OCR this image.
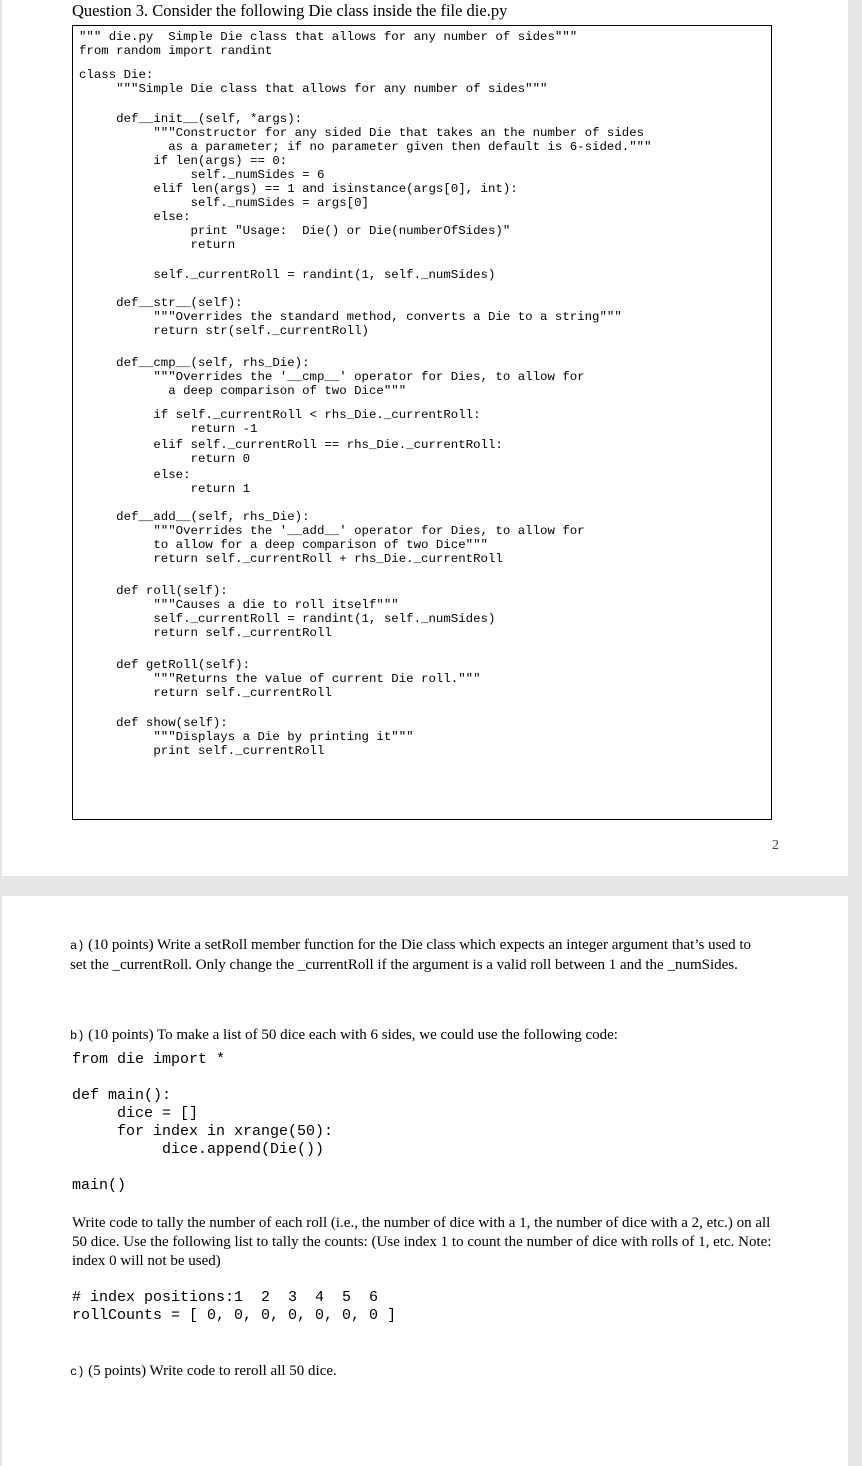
Question 3. Consider the following Die class inside the file die.py
""" die.py  Simple Die class that allows for any number of sides"""
from random import randint
class Die:
"""Simple Die class that allows for any number of sides"""
def__init__(self, *args):
"""Constructor for any sided Die that takes an the number of sides
as a parameter; if no parameter given then default is 6-sided."""
if len(args) == 0:
self._numSides = 6
elif len(args) == 1 and isinstance(args[0], int):
self._numSides = args[0]
else:
print "Usage:  Die() or Die(numberOfSides)"
return
self._currentRoll = randint(1, self._numSides)
def__str__(self):
"""Overrides the standard method, converts a Die to a string"""
return str(self._currentRoll)
def__cmp__(self, rhs_Die):
"""Overrides the '__cmp__' operator for Dies, to allow for
a deep comparison of two Dice"""
if self._currentRoll < rhs_Die._currentRoll:
return -1
elif self._currentRoll == rhs_Die._currentRoll:
return 0
else:
return 1
def__add__(self, rhs_Die):
"""Overrides the '__add__' operator for Dies, to allow for
to allow for a deep comparison of two Dice"""
return self._currentRoll + rhs_Die._currentRoll
def roll(self):
"""Causes a die to roll itself"""
self._currentRoll = randint(1, self._numSides)
return self._currentRoll
def getRoll(self):
"""Returns the value of current Die roll."""
return self._currentRoll
def show(self):
"""Displays a Die by printing it"""
print self._currentRoll
2
a) (10 points) Write a setRoll member function for the Die class which expects an integer argument that’s used to set the _currentRoll. Only change the _currentRoll if the argument is a valid roll between 1 and the _numSides.
b) (10 points) To make a list of 50 dice each with 6 sides, we could use the following code:
from die import *

def main():
dice = []
for index in xrange(50):
dice.append(Die())

main()
Write code to tally the number of each roll (i.e., the number of dice with a 1, the number of dice with a 2, etc.) on all 50 dice. Use the following list to tally the counts: (Use index 1 to count the number of dice with rolls of 1, etc. Note: index 0 will not be used)
# index positions:1  2  3  4  5  6
rollCounts = [ 0, 0, 0, 0, 0, 0, 0 ]
c) (5 points) Write code to reroll all 50 dice.
